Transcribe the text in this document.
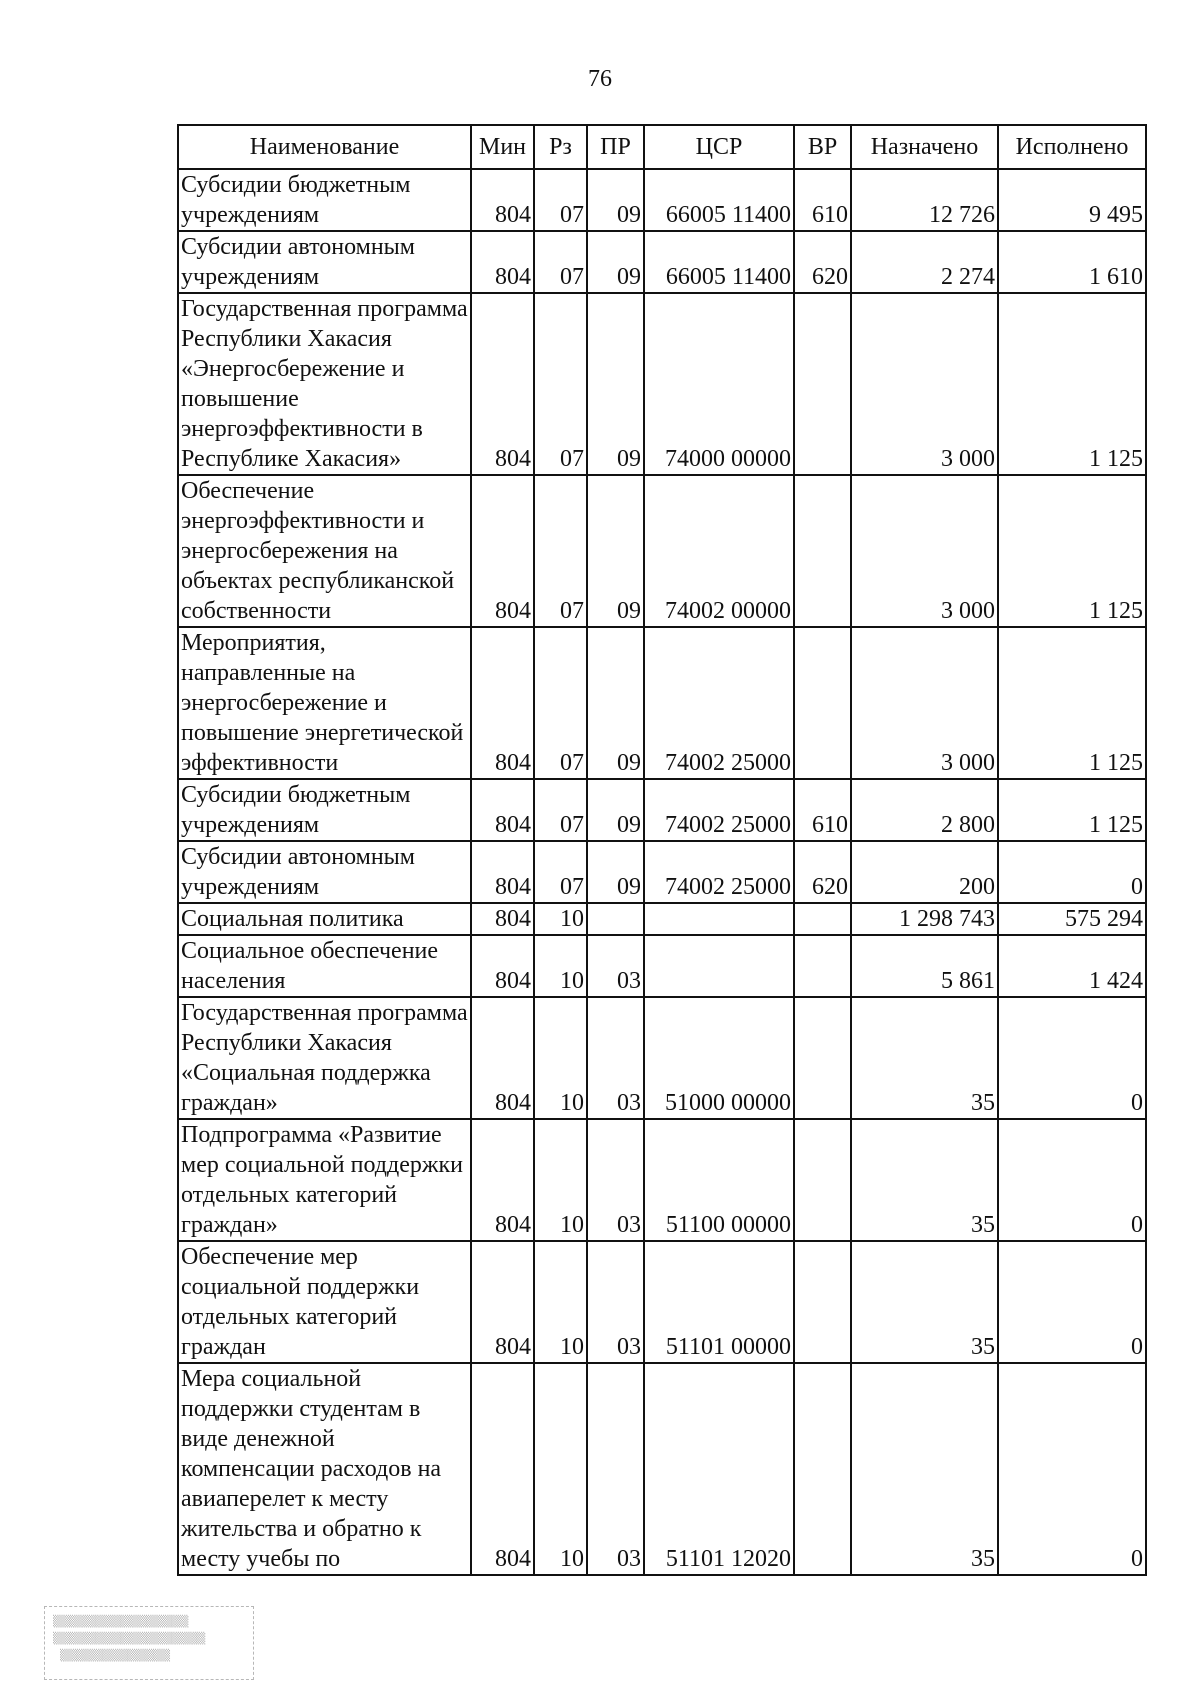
76
Наименование	Мин	Рз	ПР	ЦСР	ВР	Назначено	Исполнено
Субсидии бюджетным учреждениям	804	07	09	66005 11400	610	12 726	9 495
Субсидии автономным учреждениям	804	07	09	66005 11400	620	2 274	1 610
Государственная программа Республики Хакасия «Энергосбережение и повышение энергоэффективности в Республике Хакасия»	804	07	09	74000 00000		3 000	1 125
Обеспечение энергоэффективности и энергосбережения на объектах республиканской собственности	804	07	09	74002 00000		3 000	1 125
Мероприятия, направленные на энергосбережение и повышение энергетической эффективности	804	07	09	74002 25000		3 000	1 125
Субсидии бюджетным учреждениям	804	07	09	74002 25000	610	2 800	1 125
Субсидии автономным учреждениям	804	07	09	74002 25000	620	200	0
Социальная политика	804	10				1 298 743	575 294
Социальное обеспечение населения	804	10	03			5 861	1 424
Государственная программа Республики Хакасия «Социальная поддержка граждан»	804	10	03	51000 00000		35	0
Подпрограмма «Развитие мер социальной поддержки отдельных категорий граждан»	804	10	03	51100 00000		35	0
Обеспечение мер социальной поддержки отдельных категорий граждан	804	10	03	51101 00000		35	0
Мера социальной поддержки студентам в виде денежной компенсации расходов на авиаперелет к месту жительства и обратно к месту учебы по	804	10	03	51101 12020		35	0
▒▒▒▒▒▒▒▒▒▒▒▒▒▒▒▒
▒▒▒▒▒▒▒▒▒▒▒▒▒▒▒▒▒▒
▒▒▒▒▒▒▒▒▒▒▒▒▒
